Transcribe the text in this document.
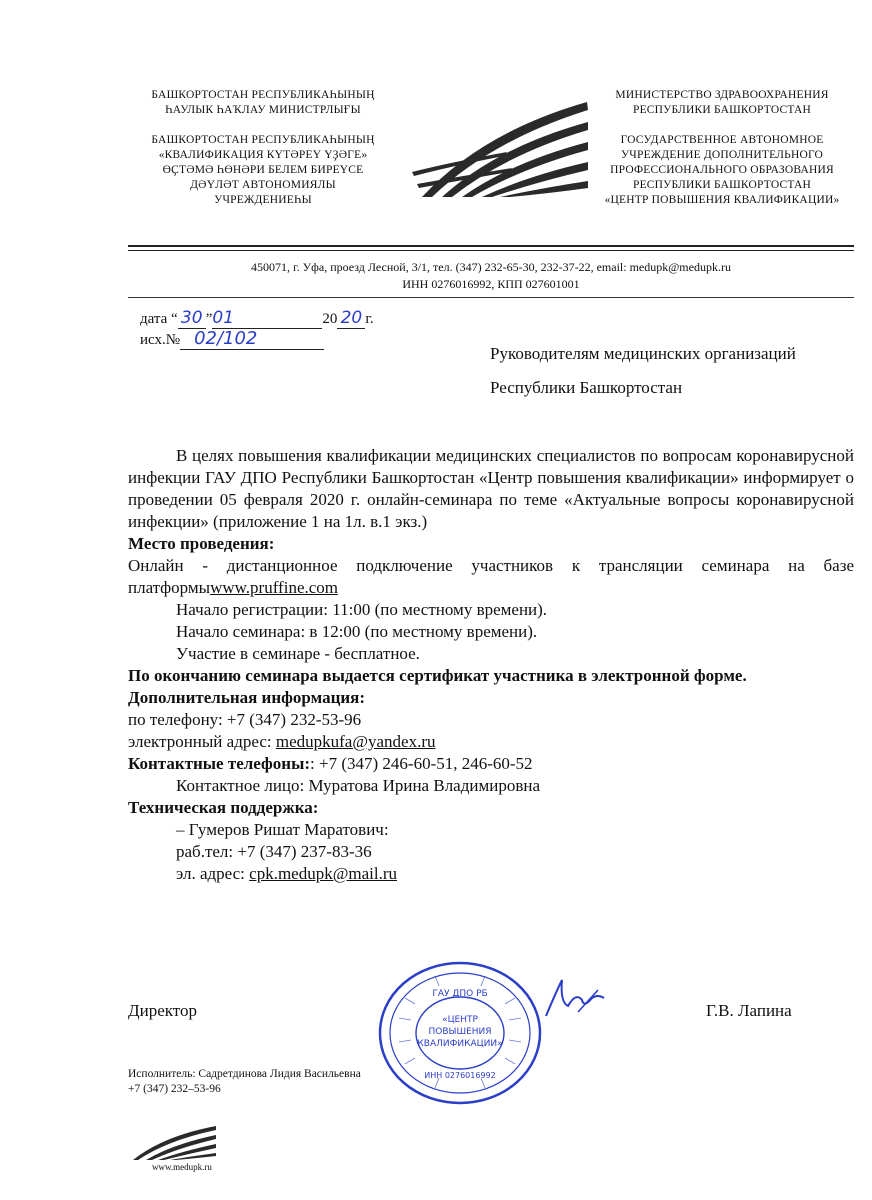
БАШКОРТОСТАН РЕСПУБЛИКАҺЫНЫҢ
ҺАУЛЫК ҺАҠЛАУ МИНИСТРЛЫҒЫ
БАШКОРТОСТАН РЕСПУБЛИКАҺЫНЫҢ
«КВАЛИФИКАЦИЯ КҮТӘРЕҮ ҮҘӘГЕ»
ӨҪТӘМӘ ҺӨНӘРИ БЕЛЕМ БИРЕҮСЕ
ДӘҮЛӘТ АВТОНОМИЯЛЫ
УЧРЕЖДЕНИЕҺЫ
МИНИСТЕРСТВО ЗДРАВООХРАНЕНИЯ
РЕСПУБЛИКИ БАШКОРТОСТАН
ГОСУДАРСТВЕННОЕ АВТОНОМНОЕ
УЧРЕЖДЕНИЕ ДОПОЛНИТЕЛЬНОГО
ПРОФЕССИОНАЛЬНОГО ОБРАЗОВАНИЯ
РЕСПУБЛИКИ БАШКОРТОСТАН
«ЦЕНТР ПОВЫШЕНИЯ КВАЛИФИКАЦИИ»
450071, г. Уфа, проезд Лесной, 3/1, тел. (347) 232-65-30, 232-37-22, email: medupk@medupk.ru
ИНН 0276016992, КПП 027601001
дата “ 30 ”01	20 20 г.
исх.№ 02/102
Руководителям медицинских организаций
Республики Башкортостан
В целях повышения квалификации медицинских специалистов по вопросам коронавирусной инфекции ГАУ ДПО Республики Башкортостан «Центр повышения квалификации» информирует о проведении 05 февраля 2020 г. онлайн-семинара по теме «Актуальные вопросы коронавирусной инфекции» (приложение 1 на 1л. в.1 экз.)
Место проведения:
Онлайн - дистанционное подключение участников к трансляции семинара на базе платформыwww.pruffine.com
Начало регистрации: 11:00 (по местному времени).
Начало семинара: в 12:00 (по местному времени).
Участие в семинаре - бесплатное.
По окончанию семинара выдается сертификат участника в электронной форме.
Дополнительная информация:
по телефону: +7 (347) 232-53-96
электронный адрес: medupkufa@yandex.ru
Контактные телефоны:: +7 (347) 246-60-51, 246-60-52
Контактное лицо: Муратова Ирина Владимировна
Техническая поддержка:
– Гумеров Ришат Маратович:
раб.тел: +7 (347) 237-83-36
эл. адрес: cpk.medupk@mail.ru
ГАУ ДПО РБ
«ЦЕНТР
ПОВЫШЕНИЯ
КВАЛИФИКАЦИИ»
ИНН 0276016992
Директор	Г.В. Лапина
Исполнитель: Садретдинова Лидия Васильевна
+7 (347) 232–53-96
www.medupk.ru
